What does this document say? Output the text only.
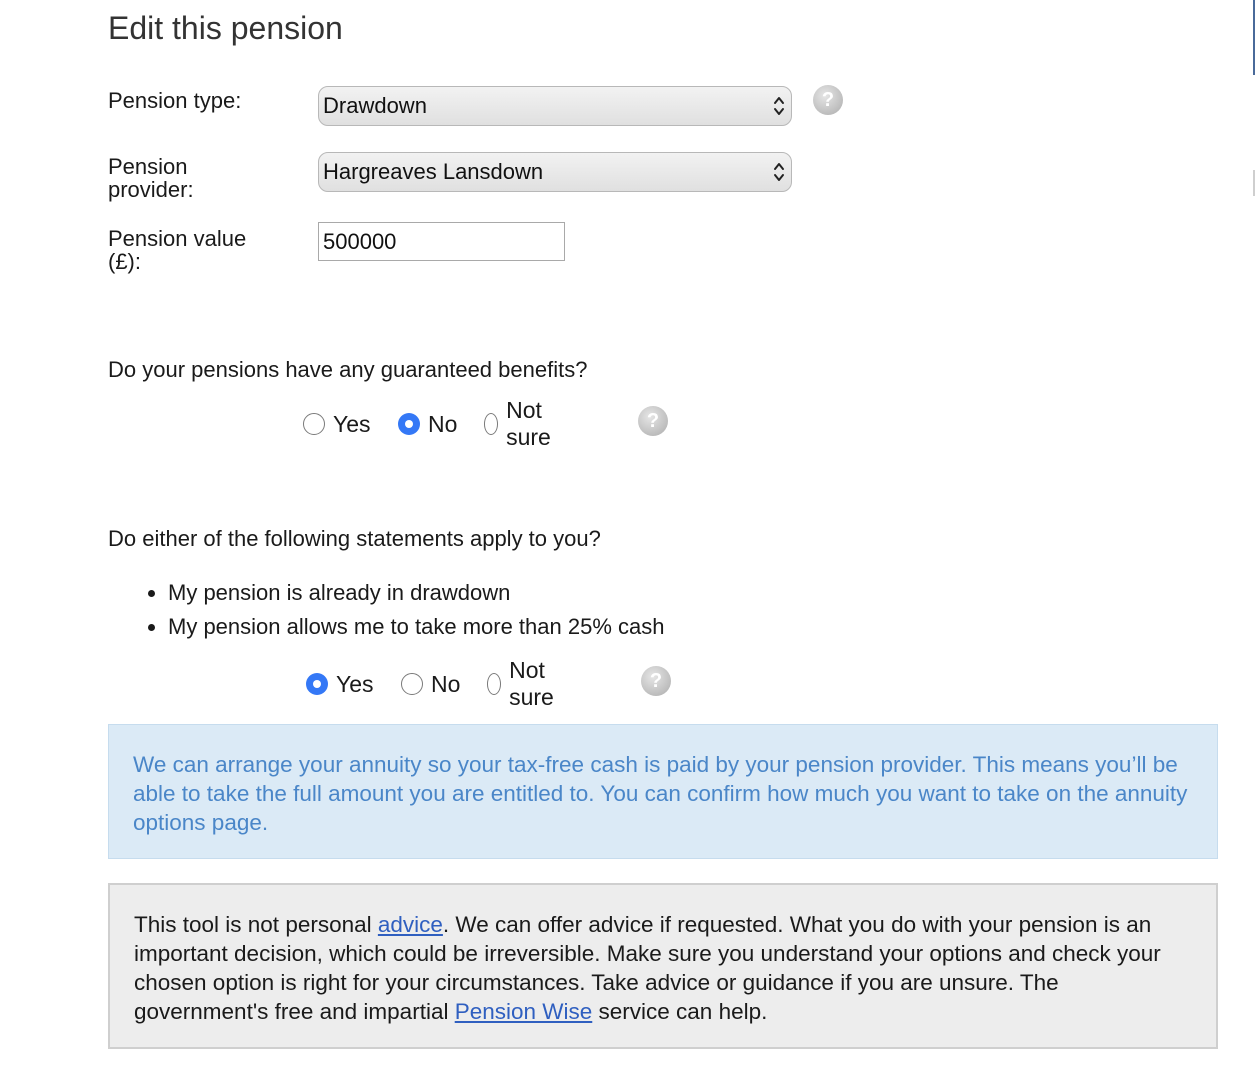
Edit this pension
Pension type:	Drawdown	?
Pension
provider:
Hargreaves Lansdown
Pension value
(£):
500000
Do your pensions have any guaranteed benefits?
Yes No
Not sure
?
Do either of the following statements apply to you?
• My pension is already in drawdown
• My pension allows me to take more than 25% cash
Yes No
Not sure
?
We can arrange your annuity so your tax-free cash is paid by your pension provider. This means you’ll be able to take the full amount you are entitled to. You can confirm how much you want to take on the annuity options page.
This tool is not personal advice. We can offer advice if requested. What you do with your pension is an important decision, which could be irreversible. Make sure you understand your options and check your chosen option is right for your circumstances. Take advice or guidance if you are unsure. The government's free and impartial Pension Wise service can help.
